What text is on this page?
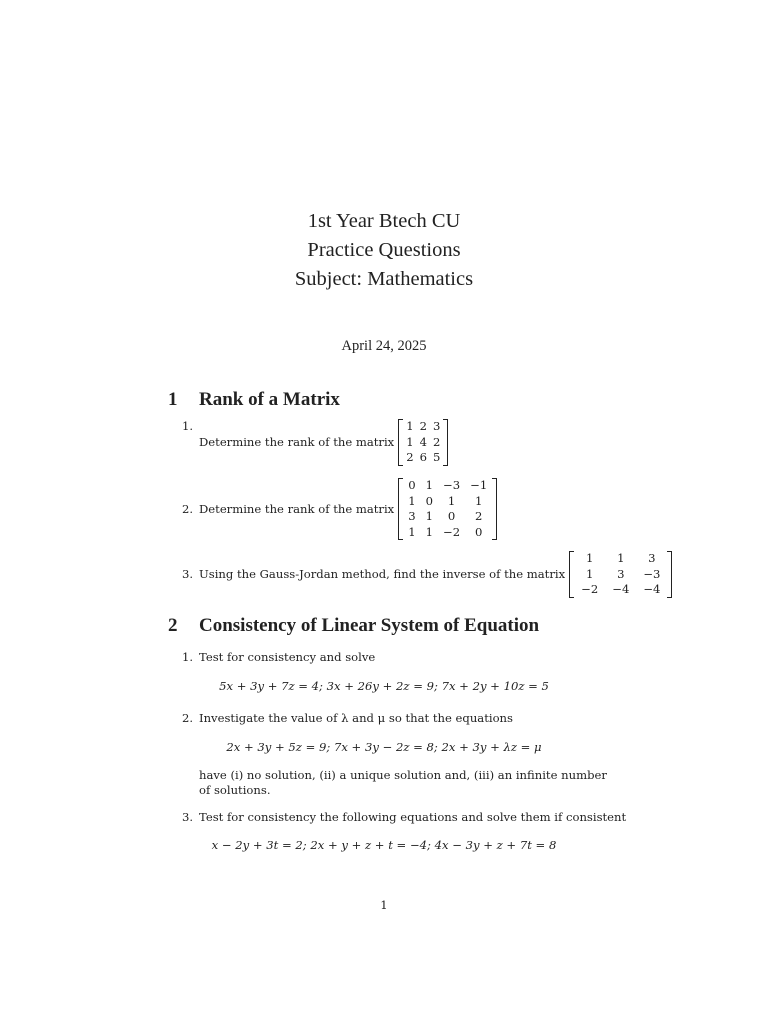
1st Year Btech CU
Practice Questions
Subject: Mathematics
April 24, 2025
1 Rank of a Matrix
1.
Determine the rank of the matrix
1	2	3
1	4	2
2	6	5
2. Determine the rank of the matrix
0	1	−3	−1
1	0	1	1
3	1	0	2
1	1	−2	0
3. Using the Gauss-Jordan method, find the inverse of the matrix
1	1	3
1	3	−3
−2	−4	−4
2 Consistency of Linear System of Equation
1. Test for consistency and solve
5x + 3y + 7z = 4; 3x + 26y + 2z = 9; 7x + 2y + 10z = 5
2. Investigate the value of λ and μ so that the equations
2x + 3y + 5z = 9; 7x + 3y − 2z = 8; 2x + 3y + λz = μ
have (i) no solution, (ii) a unique solution and, (iii) an infinite number of solutions.
3. Test for consistency the following equations and solve them if consistent
x − 2y + 3t = 2; 2x + y + z + t = −4; 4x − 3y + z + 7t = 8
1
